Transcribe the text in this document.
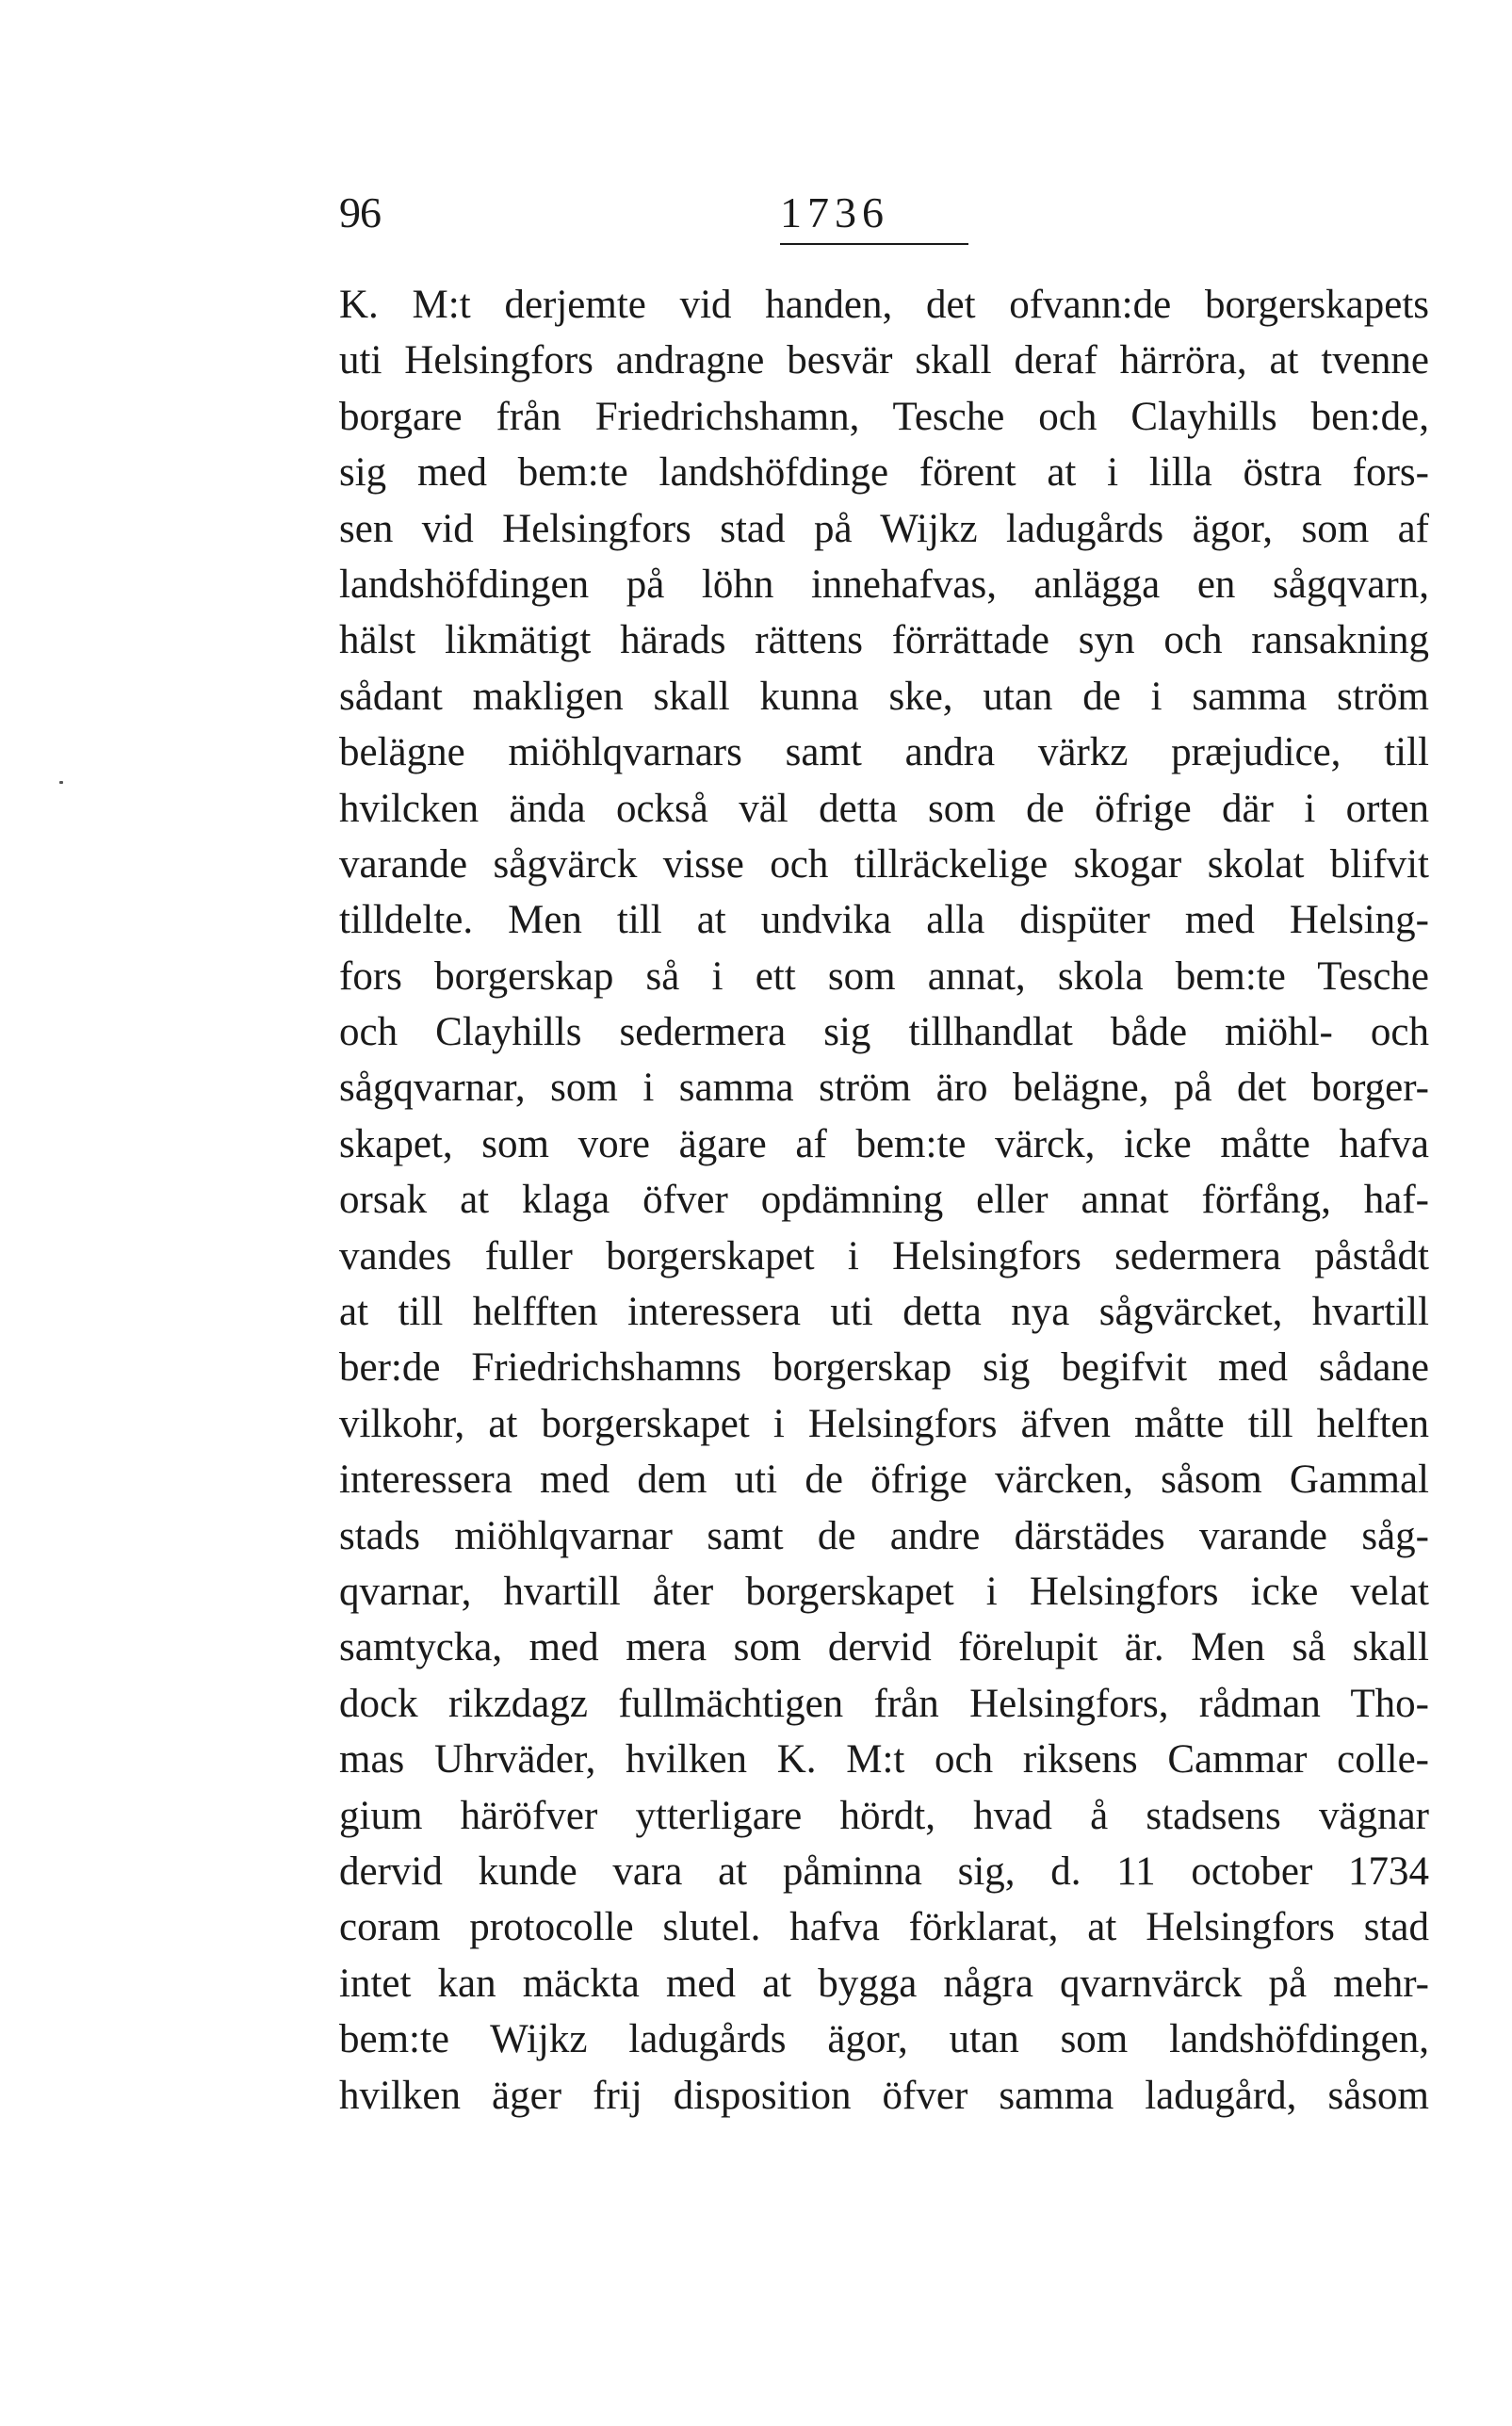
96	1736
K. M:t derjemte vid handen, det ofvann:de borgerskapets
uti Helsingfors andragne besvär skall deraf härröra, at tvenne
borgare från Friedrichshamn, Tesche och Clayhills ben:de,
sig med bem:te landshöfdinge förent at i lilla östra fors-
sen vid Helsingfors stad på Wijkz ladugårds ägor, som af
landshöfdingen på löhn innehafvas, anlägga en sågqvarn,
hälst likmätigt härads rättens förrättade syn och ransakning
sådant makligen skall kunna ske, utan de i samma ström
belägne miöhlqvarnars samt andra värkz præjudice, till
hvilcken ända också väl detta som de öfrige där i orten
varande sågvärck visse och tillräckelige skogar skolat blifvit
tilldelte. Men till at undvika alla dispüter med Helsing-
fors borgerskap så i ett som annat, skola bem:te Tesche
och Clayhills sedermera sig tillhandlat både miöhl- och
sågqvarnar, som i samma ström äro belägne, på det borger-
skapet, som vore ägare af bem:te värck, icke måtte hafva
orsak at klaga öfver opdämning eller annat förfång, haf-
vandes fuller borgerskapet i Helsingfors sedermera påstådt
at till helfften interessera uti detta nya sågvärcket, hvartill
ber:de Friedrichshamns borgerskap sig begifvit med sådane
vilkohr, at borgerskapet i Helsingfors äfven måtte till helften
interessera med dem uti de öfrige värcken, såsom Gammal
stads miöhlqvarnar samt de andre därstädes varande såg-
qvarnar, hvartill åter borgerskapet i Helsingfors icke velat
samtycka, med mera som dervid förelupit är. Men så skall
dock rikzdagz fullmächtigen från Helsingfors, rådman Tho-
mas Uhrväder, hvilken K. M:t och riksens Cammar colle-
gium häröfver ytterligare hördt, hvad å stadsens vägnar
dervid kunde vara at påminna sig, d. 11 october 1734
coram protocolle slutel. hafva förklarat, at Helsingfors stad
intet kan mäckta med at bygga några qvarnvärck på mehr-
bem:te Wijkz ladugårds ägor, utan som landshöfdingen,
hvilken äger frij disposition öfver samma ladugård, såsom
